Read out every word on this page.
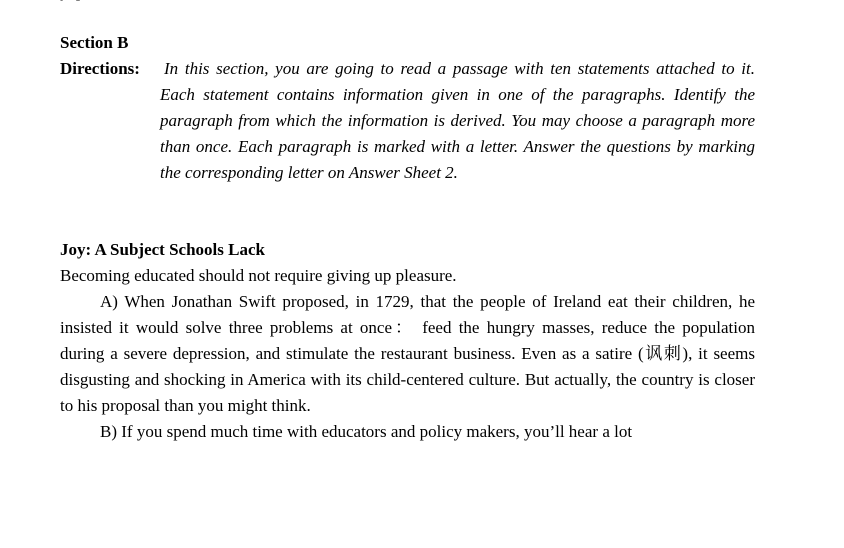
Section B
Directions: In this section, you are going to read a passage with ten statements attached to it. Each statement contains information given in one of the paragraphs. Identify the paragraph from which the information is derived. You may choose a paragraph more than once. Each paragraph is marked with a letter. Answer the questions by marking the corresponding letter on Answer Sheet 2.
Joy: A Subject Schools Lack
Becoming educated should not require giving up pleasure.

A) When Jonathan Swift proposed, in 1729, that the people of Ireland eat their children, he insisted it would solve three problems at once： feed the hungry masses, reduce the population during a severe depression, and stimulate the restaurant business. Even as a satire (讽刺), it seems disgusting and shocking in America with its child-centered culture. But actually, the country is closer to his proposal than you might think.

B) If you spend much time with educators and policy makers, you’ll hear a lot
